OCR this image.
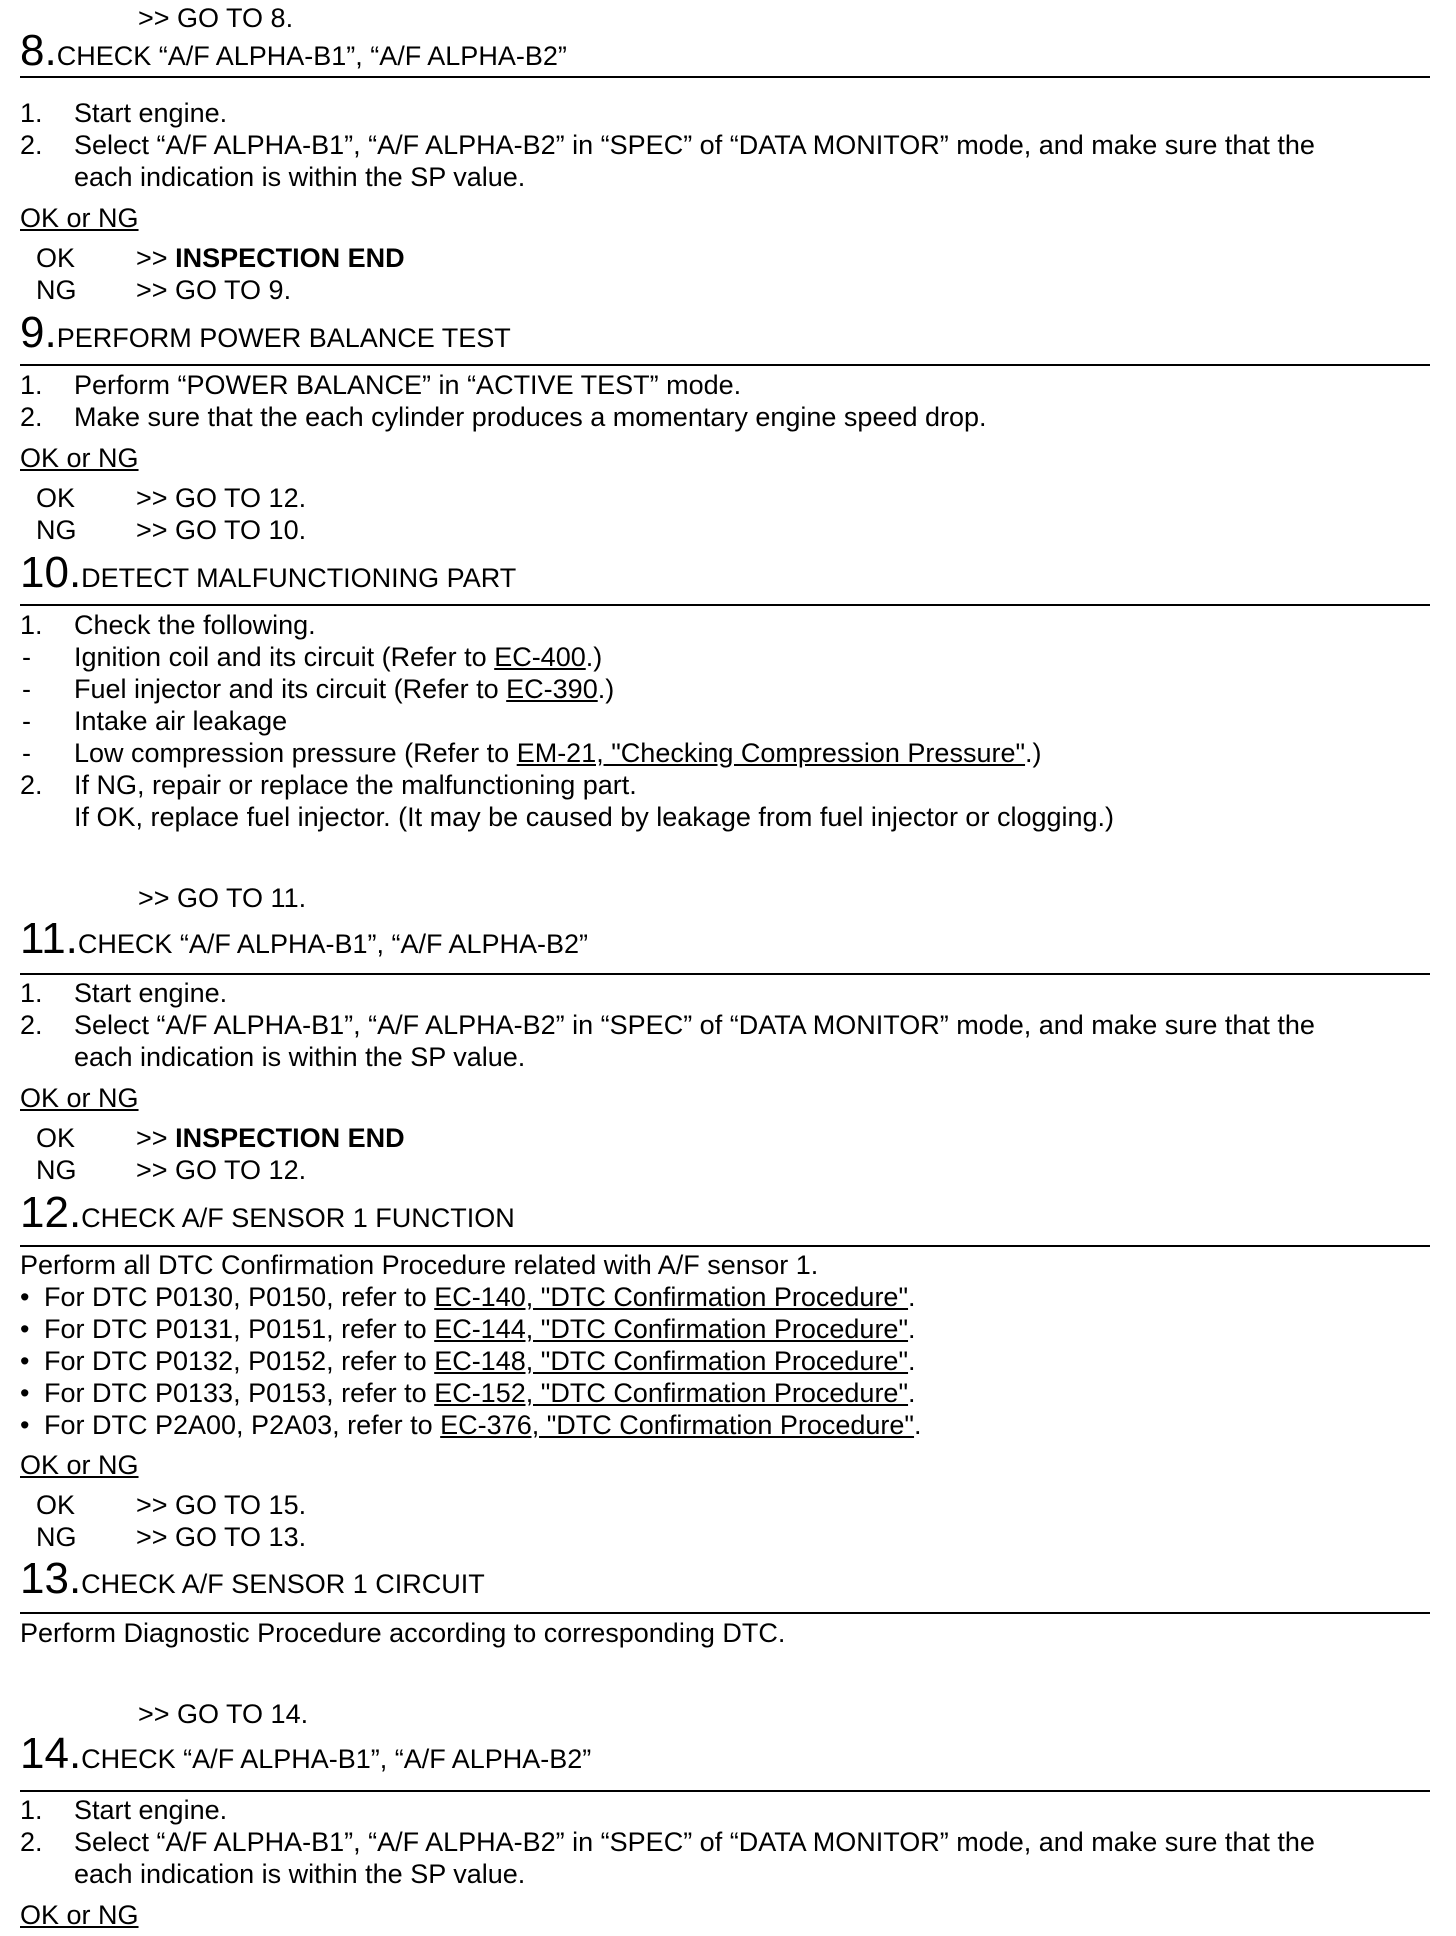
>> GO TO 8.
8.CHECK “A/F ALPHA-B1”, “A/F ALPHA-B2”
1. Start engine.
2. Select “A/F ALPHA-B1”, “A/F ALPHA-B2” in “SPEC” of “DATA MONITOR” mode, and make sure that the
each indication is within the SP value.
OK or NG
OK >> INSPECTION END
NG >> GO TO 9.
9.PERFORM POWER BALANCE TEST
1. Perform “POWER BALANCE” in “ACTIVE TEST” mode.
2. Make sure that the each cylinder produces a momentary engine speed drop.
OK or NG
OK >> GO TO 12.
NG >> GO TO 10.
10.DETECT MALFUNCTIONING PART
1. Check the following.
- Ignition coil and its circuit (Refer to EC-400.)
- Fuel injector and its circuit (Refer to EC-390.)
- Intake air leakage
- Low compression pressure (Refer to EM-21, "Checking Compression Pressure".)
2. If NG, repair or replace the malfunctioning part.
If OK, replace fuel injector. (It may be caused by leakage from fuel injector or clogging.)
>> GO TO 11.
11.CHECK “A/F ALPHA-B1”, “A/F ALPHA-B2”
1. Start engine.
2. Select “A/F ALPHA-B1”, “A/F ALPHA-B2” in “SPEC” of “DATA MONITOR” mode, and make sure that the
each indication is within the SP value.
OK or NG
OK >> INSPECTION END
NG >> GO TO 12.
12.CHECK A/F SENSOR 1 FUNCTION
Perform all DTC Confirmation Procedure related with A/F sensor 1.
• For DTC P0130, P0150, refer to EC-140, "DTC Confirmation Procedure".
• For DTC P0131, P0151, refer to EC-144, "DTC Confirmation Procedure".
• For DTC P0132, P0152, refer to EC-148, "DTC Confirmation Procedure".
• For DTC P0133, P0153, refer to EC-152, "DTC Confirmation Procedure".
• For DTC P2A00, P2A03, refer to EC-376, "DTC Confirmation Procedure".
OK or NG
OK >> GO TO 15.
NG >> GO TO 13.
13.CHECK A/F SENSOR 1 CIRCUIT
Perform Diagnostic Procedure according to corresponding DTC.
>> GO TO 14.
14.CHECK “A/F ALPHA-B1”, “A/F ALPHA-B2”
1. Start engine.
2. Select “A/F ALPHA-B1”, “A/F ALPHA-B2” in “SPEC” of “DATA MONITOR” mode, and make sure that the
each indication is within the SP value.
OK or NG
